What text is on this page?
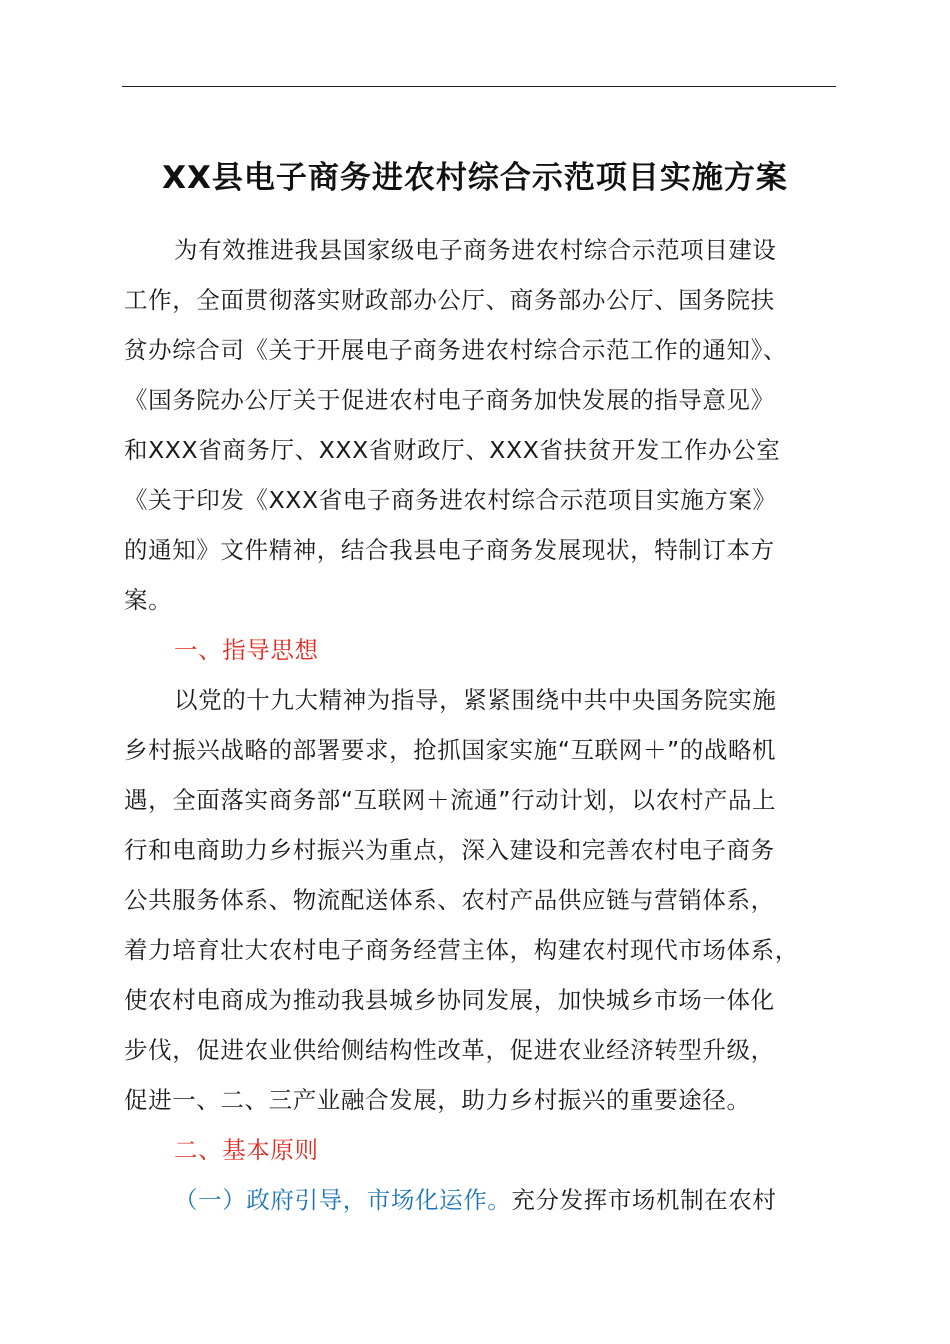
XX县电子商务进农村综合示范项目实施方案
为有效推进我县国家级电子商务进农村综合示范项目建设
工作，全面贯彻落实财政部办公厅、商务部办公厅、国务院扶
贫办综合司《关于开展电子商务进农村综合示范工作的通知》、
《国务院办公厅关于促进农村电子商务加快发展的指导意见》
和XXX省商务厅、XXX省财政厅、XXX省扶贫开发工作办公室
《关于印发《XXX省电子商务进农村综合示范项目实施方案》
的通知》文件精神，结合我县电子商务发展现状，特制订本方
案。
一、指导思想
以党的十九大精神为指导，紧紧围绕中共中央国务院实施
乡村振兴战略的部署要求，抢抓国家实施“互联网＋”的战略机
遇，全面落实商务部“互联网＋流通”行动计划，以农村产品上
行和电商助力乡村振兴为重点，深入建设和完善农村电子商务
公共服务体系、物流配送体系、农村产品供应链与营销体系，
着力培育壮大农村电子商务经营主体，构建农村现代市场体系，
使农村电商成为推动我县城乡协同发展，加快城乡市场一体化
步伐，促进农业供给侧结构性改革，促进农业经济转型升级，
促进一、二、三产业融合发展，助力乡村振兴的重要途径。
二、基本原则
（一）政府引导，市场化运作。充分发挥市场机制在农村
